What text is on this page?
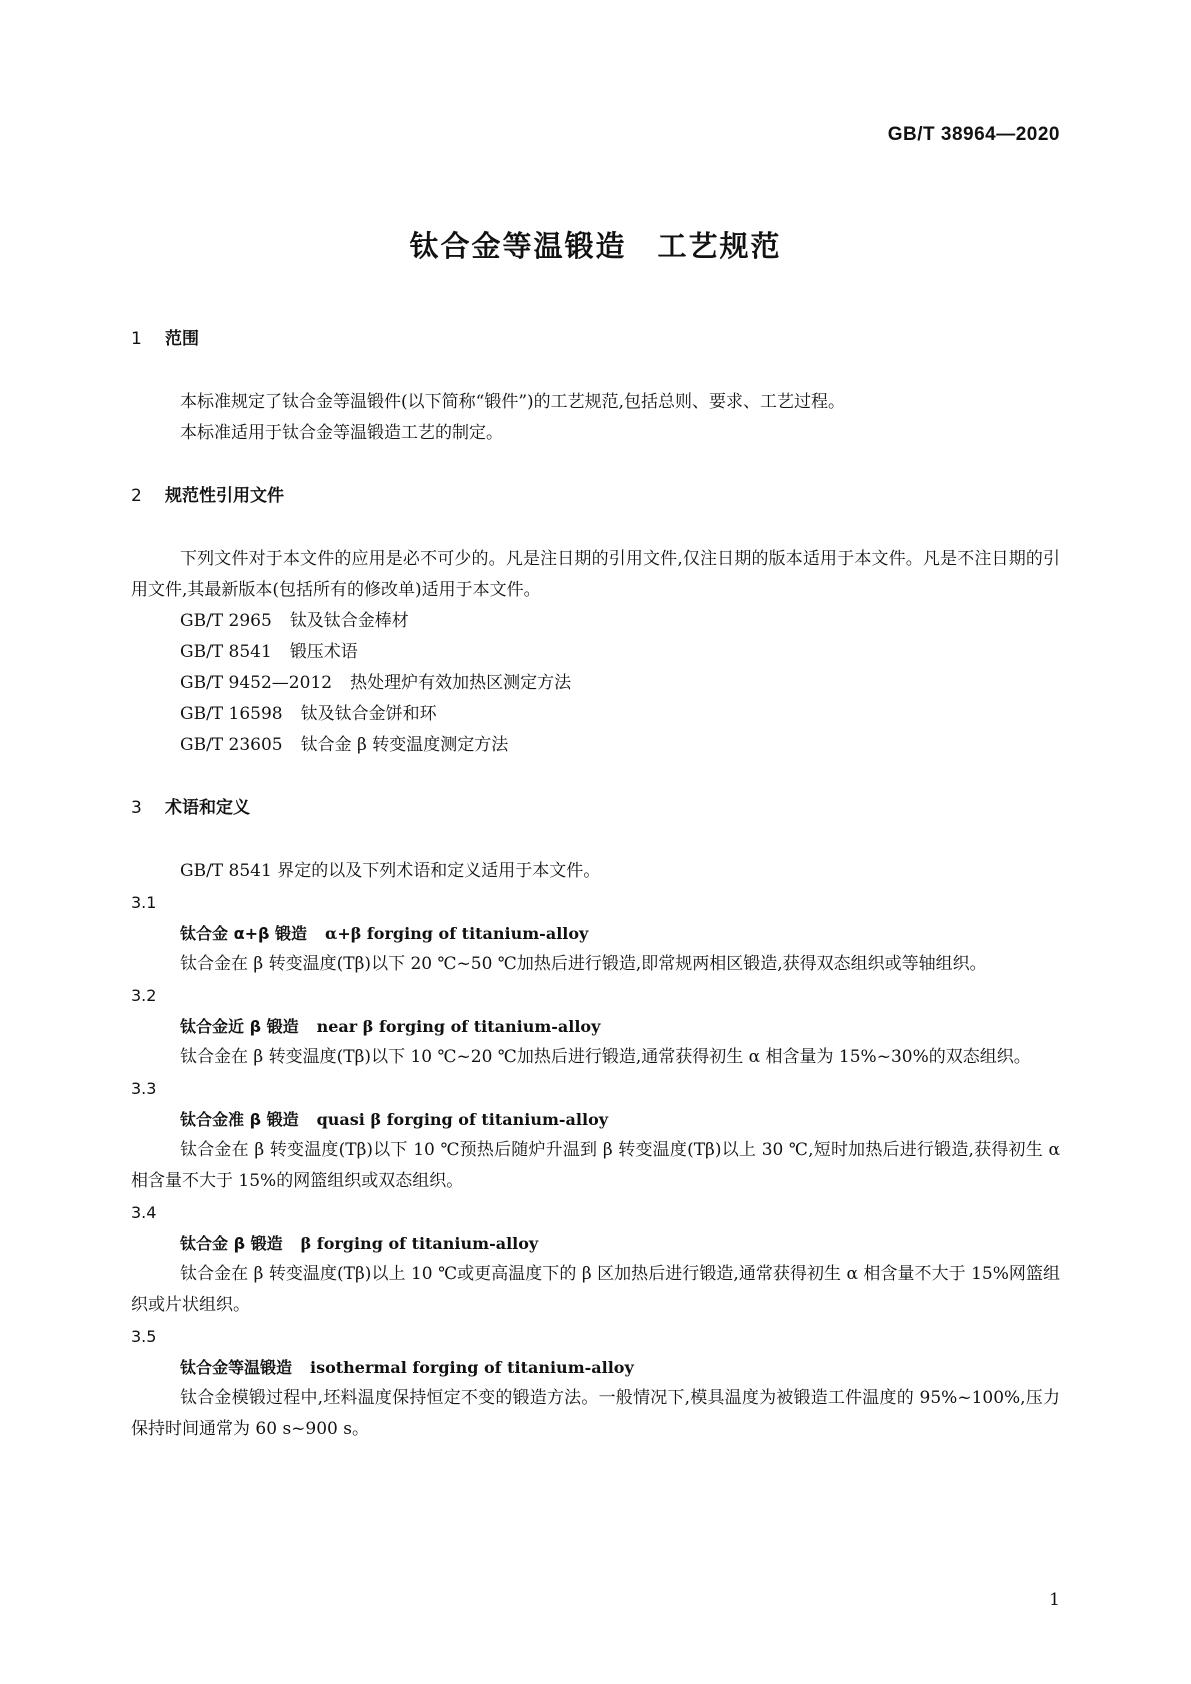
GB/T 38964—2020
钛合金等温锻造　工艺规范
1 范围
本标准规定了钛合金等温锻件(以下简称“锻件”)的工艺规范,包括总则、要求、工艺过程。
本标准适用于钛合金等温锻造工艺的制定。
2 规范性引用文件
下列文件对于本文件的应用是必不可少的。凡是注日期的引用文件,仅注日期的版本适用于本文件。凡是不注日期的引用文件,其最新版本(包括所有的修改单)适用于本文件。
GB/T 2965 钛及钛合金棒材
GB/T 8541 锻压术语
GB/T 9452—2012 热处理炉有效加热区测定方法
GB/T 16598 钛及钛合金饼和环
GB/T 23605 钛合金 β 转变温度测定方法
3 术语和定义
GB/T 8541 界定的以及下列术语和定义适用于本文件。
3.1
钛合金 α+β 锻造 α+β forging of titanium-alloy
钛合金在 β 转变温度(Tβ)以下 20 ℃~50 ℃加热后进行锻造,即常规两相区锻造,获得双态组织或等轴组织。
3.2
钛合金近 β 锻造 near β forging of titanium-alloy
钛合金在 β 转变温度(Tβ)以下 10 ℃~20 ℃加热后进行锻造,通常获得初生 α 相含量为 15%~30%的双态组织。
3.3
钛合金准 β 锻造 quasi β forging of titanium-alloy
钛合金在 β 转变温度(Tβ)以下 10 ℃预热后随炉升温到 β 转变温度(Tβ)以上 30 ℃,短时加热后进行锻造,获得初生 α 相含量不大于 15%的网篮组织或双态组织。
3.4
钛合金 β 锻造 β forging of titanium-alloy
钛合金在 β 转变温度(Tβ)以上 10 ℃或更高温度下的 β 区加热后进行锻造,通常获得初生 α 相含量不大于 15%网篮组织或片状组织。
3.5
钛合金等温锻造 isothermal forging of titanium-alloy
钛合金模锻过程中,坯料温度保持恒定不变的锻造方法。一般情况下,模具温度为被锻造工件温度的 95%~100%,压力保持时间通常为 60 s~900 s。
1
